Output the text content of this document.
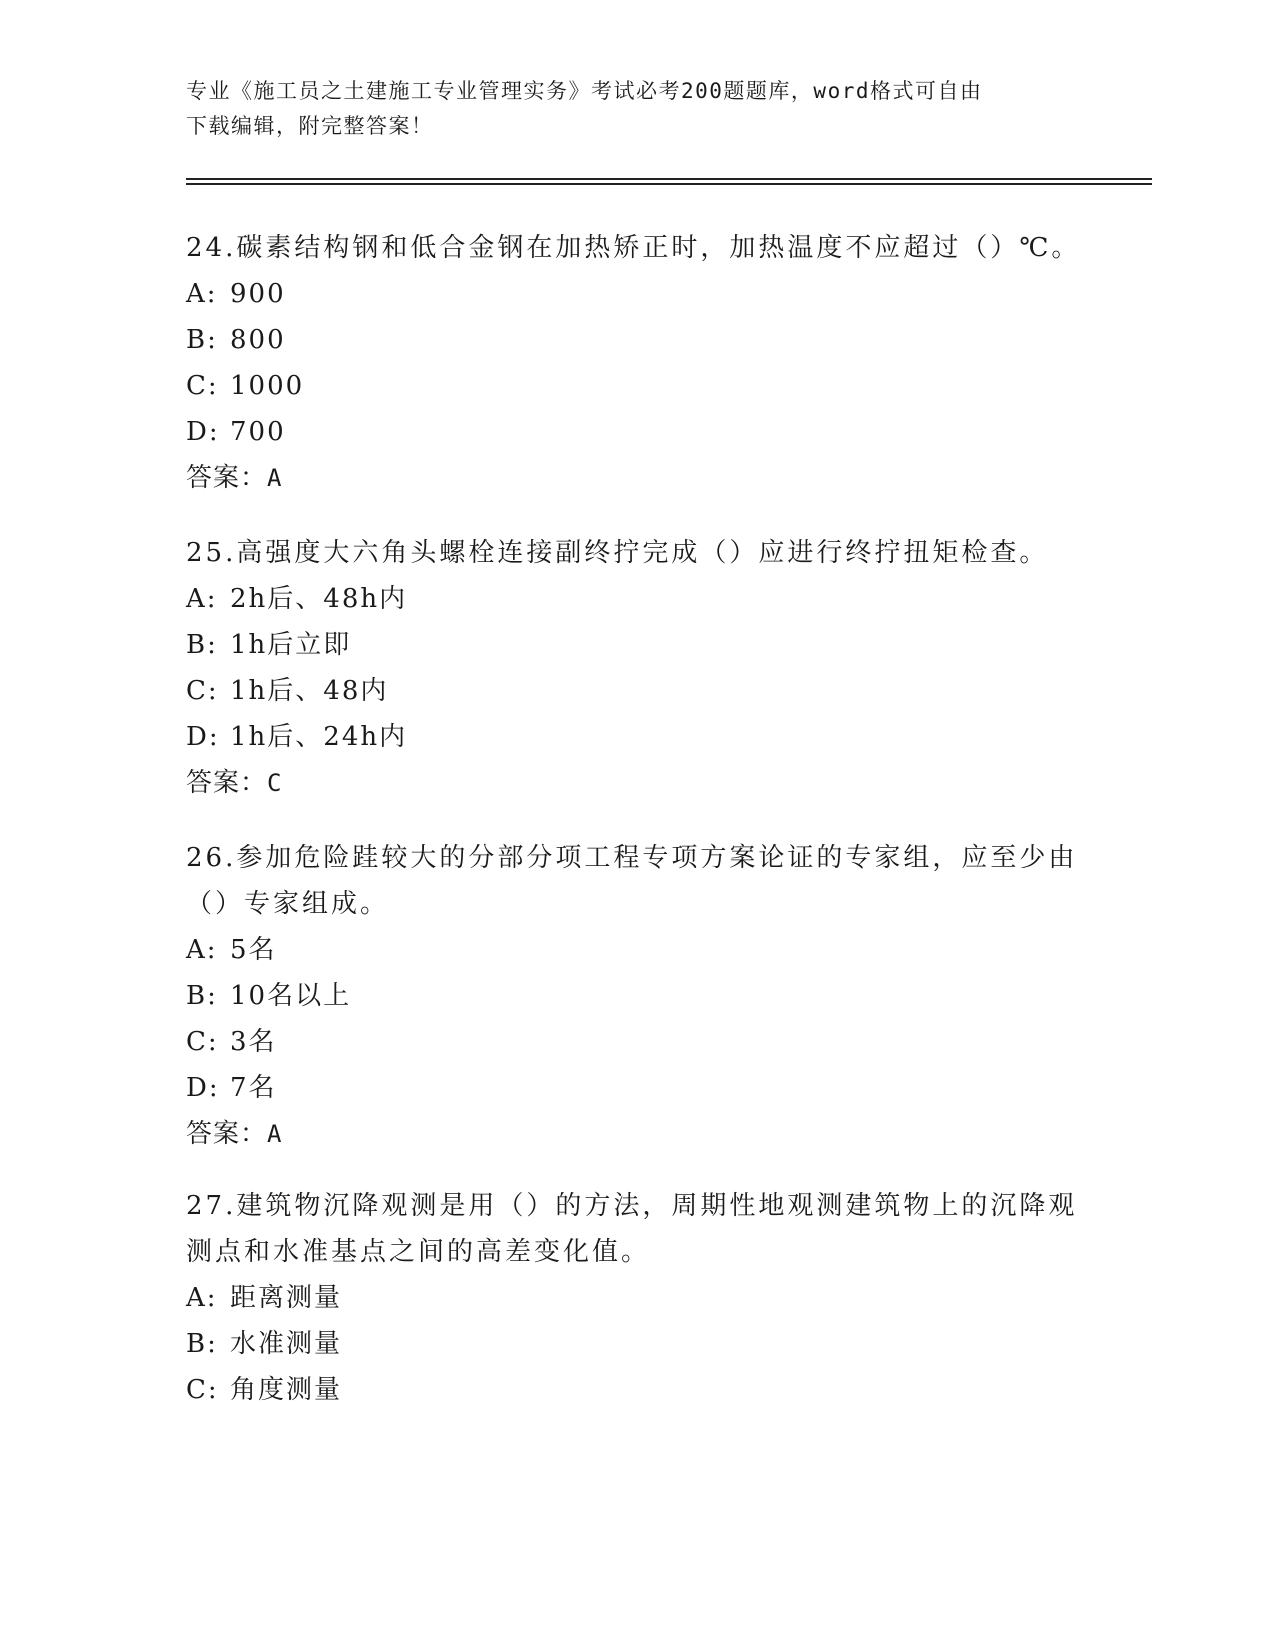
专业《施工员之土建施工专业管理实务》考试必考200题题库，word格式可自由
下载编辑，附完整答案！

24.碳素结构钢和低合金钢在加热矫正时，加热温度不应超过（）℃。

A: 900

B: 800

C: 1000

D: 700

答案：A

25.高强度大六角头螺栓连接副终拧完成（）应进行终拧扭矩检查。

A: 2h后、48h内

B: 1h后立即

C: 1h后、48内

D: 1h后、24h内

答案：C

26.参加危险跬较大的分部分项工程专项方案论证的专家组，应至少由
（）专家组成。

A: 5名

B: 10名以上

C: 3名

D: 7名

答案：A

27.建筑物沉降观测是用（）的方法，周期性地观测建筑物上的沉降观
测点和水准基点之间的高差变化值。

A: 距离测量

B: 水准测量

C: 角度测量
